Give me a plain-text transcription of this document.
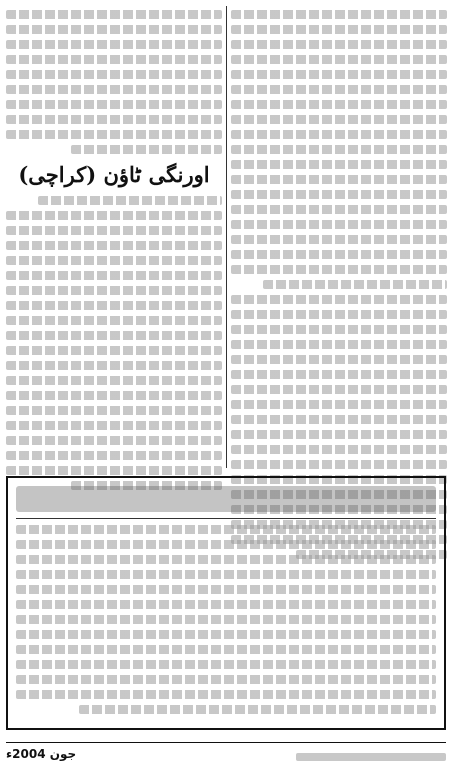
اورنگی ٹاؤن (کراچی)
جون 2004ء
